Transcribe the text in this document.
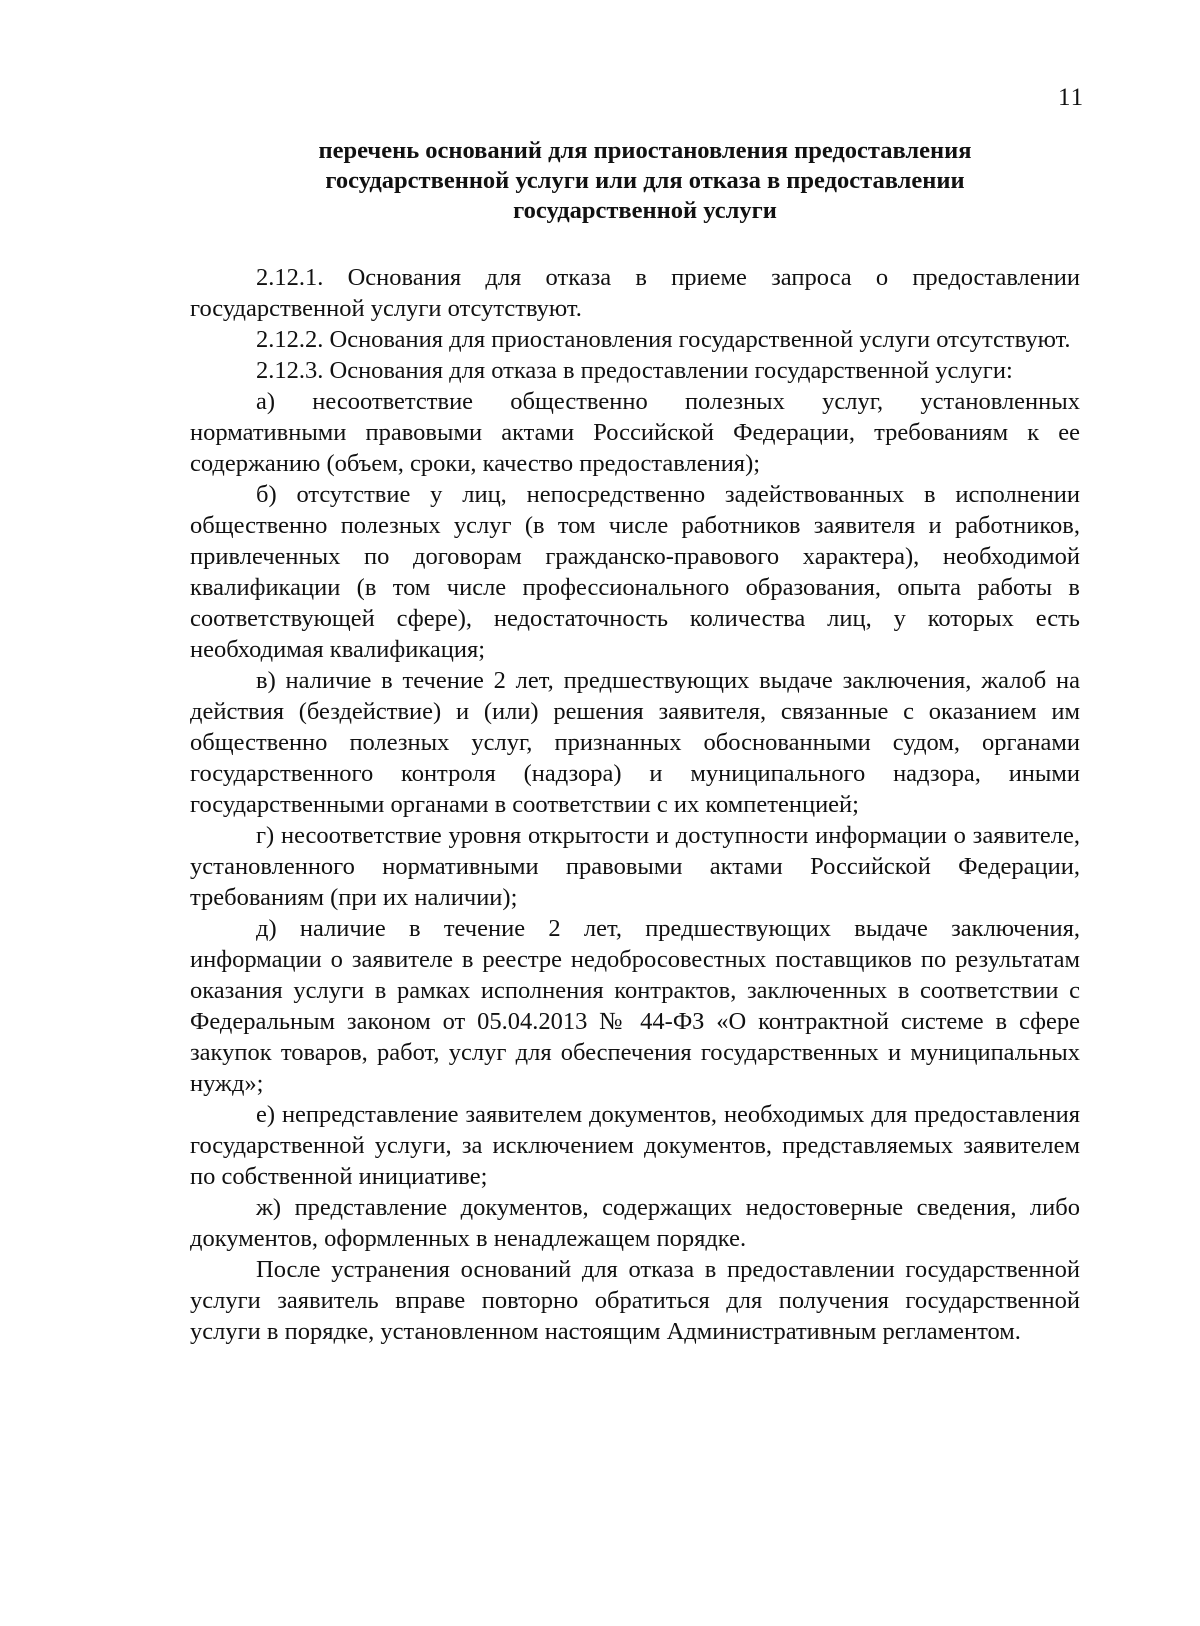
11
перечень оснований для приостановления предоставления
государственной услуги или для отказа в предоставлении
государственной услуги

2.12.1. Основания для отказа в приеме запроса о предоставлении государственной услуги отсутствуют.

2.12.2. Основания для приостановления государственной услуги отсутствуют.

2.12.3. Основания для отказа в предоставлении государственной услуги:

а) несоответствие общественно полезных услуг, установленных нормативными правовыми актами Российской Федерации, требованиям к ее содержанию (объем, сроки, качество предоставления);

б) отсутствие у лиц, непосредственно задействованных в исполнении общественно полезных услуг (в том числе работников заявителя и работников, привлеченных по договорам гражданско-правового характера), необходимой квалификации (в том числе профессионального образования, опыта работы в соответствующей сфере), недостаточность количества лиц, у которых есть необходимая квалификация;

в) наличие в течение 2 лет, предшествующих выдаче заключения, жалоб на действия (бездействие) и (или) решения заявителя, связанные с оказанием им общественно полезных услуг, признанных обоснованными судом, органами государственного контроля (надзора) и муниципального надзора, иными государственными органами в соответствии с их компетенцией;

г) несоответствие уровня открытости и доступности информации о заявителе, установленного нормативными правовыми актами Российской Федерации, требованиям (при их наличии);

д) наличие в течение 2 лет, предшествующих выдаче заключения, информации о заявителе в реестре недобросовестных поставщиков по результатам оказания услуги в рамках исполнения контрактов, заключенных в соответствии с Федеральным законом от 05.04.2013 № 44-ФЗ «О контрактной системе в сфере закупок товаров, работ, услуг для обеспечения государственных и муниципальных нужд»;

е) непредставление заявителем документов, необходимых для предоставления государственной услуги, за исключением документов, представляемых заявителем по собственной инициативе;

ж) представление документов, содержащих недостоверные сведения, либо документов, оформленных в ненадлежащем порядке.

После устранения оснований для отказа в предоставлении государственной услуги заявитель вправе повторно обратиться для получения государственной услуги в порядке, установленном настоящим Административным регламентом.
